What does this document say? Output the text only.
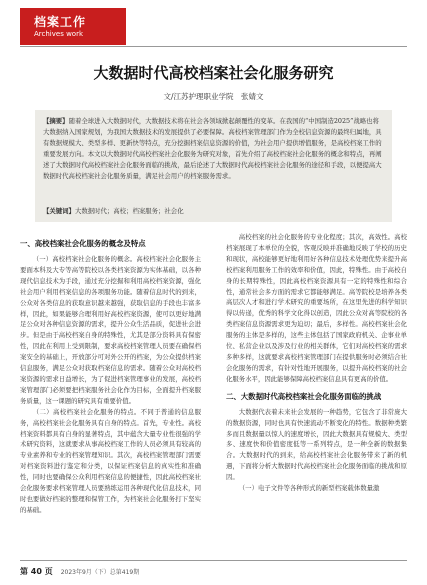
档案工作
Archives work
大数据时代高校档案社会化服务研究
文/江苏护理职业学院　张婧文
【摘要】随着全球进入大数据时代，大数据技术将在社会各领域掀起颠覆性的变革。在我国的“中国制造2025”战略也将大数据纳入国家规划，为我国大数据技术的发展提供了必要保障。高校档案管理部门作为全校信息资源的最终归属地，具有数据规模大、类型多样、更新快等特点，充分挖掘档案信息资源的价值，为社会用户提供增值服务，是高校档案工作的重要发展方向。本文以大数据时代高校档案社会化服务为研究对象，首先介绍了高校档案社会化服务的概念和特点，再阐述了大数据时代高校档案社会化服务面临的挑战，最后论述了大数据时代高校档案社会化服务的途径和手段，以便提高大数据时代高校档案社会化服务质量，满足社会用户的档案服务需求。
【关键词】大数据时代；高校；档案服务；社会化
一、高校档案社会化服务的概念及特点

（一）高校档案社会化服务的概念。高校档案社会化服务主要面本科及大专等高等院校以各类档案资源为实体基础，以各种现代信息技术为手段，通过充分挖掘和利用高校档案资源，强化社会用户利用档案信息的各项服务功能。随着信息时代的到来，公众对各类信息的获取意识越来越强，获取信息的手段也丰富多样，因此，如果能够合理利用好高校档案资源，使可以更好地满足公众对各种信息资源的需求，提升公众生活品质，促进社会进步。但是由于高校档案自身的特殊性，尤其是部分资料具有保密性，因此在利用上受到限制，要求高校档案管理人员要在确保档案安全的基础上，开放部分可对外公开的档案，为公众提供档案信息服务，满足公众对获取档案信息的需求。随着公众对高校档案资源的需求日益增长，为了促进档案管理事业的发展，高校档案管理部门必须要把档案服务社会化作为目标，全面提升档案服务质量，这一课题的研究具有重要价值。

（二）高校档案社会化服务的特点。不同于普通的信息服务，高校档案社会化服务具有自身的特点。首先，专业性。高校档案资料都具有自身的显著特点，其中蕴含大量专业性很强的学术研究资料，这就要求从事高校档案工作的人员必须具有较高的专业素养和专业的档案管理知识。其次，高校档案管理部门需要对档案资料进行鉴定和分类，以保证档案信息的真实性和准确性，同时也要确保公众利用档案信息的便捷性，因此高校档案社会化服务要求档案管理人员要熟练运用各种现代化信息技术，同时也要做好档案的整理和保管工作，为档案社会化服务打下坚实的基础。

高校档案的社会化服务的专业化程度；其次，高效性。高校档案展现了本单位的全貌，客观反映并准确地反映了学校的历史和现状，高校能够更好地利用好各种信息技术处理优势来提升高校档案利用服务工作的效率和价值，因此，特殊性。由于高校自身的长期特殊性，因此高校档案资源具有一定的特殊性和综合性，通常社会多方面的需求它都能够满足。高等院校是培养各类高层次人才和进行学术研究的重要场所，在这里先进的科学知识得以传递，优秀的科学文化得以创造，因此公众对高等院校的各类档案信息资源需求更为迫切；最后，多样性。高校档案社会化服务的主体是多样的，这些主体包括了国家政府机关、企事业单位、私营企业以及涉及行业的相关群体，它们对高校档案的需求多种多样，这就要求高校档案管理部门在提供服务时必须结合社会化服务的需求，有针对性地开展服务，以提升高校档案的社会化服务水平，因此能够保障高校档案信息具有更高的价值。

二、大数据时代高校档案社会化服务面临的挑战

大数据代表着未来社会发展的一种趋势，它包含了非常庞大的数据资源，同时也具有快速流动不断变化的特性。数据种类繁多而且数据量以惊人的速度增长，因此大数据具有规模大、类型多、速度快和价值密度低等一系列特点，是一种全新的数据集合。大数据时代的到来，给高校档案社会化服务带来了新的机遇，下面将分析大数据时代高校档案社会化服务面临的挑战和原因。

（一）电子文件等各种形式的新型档案载体数量激

第 40 页 2023年9月（下）总第419期
